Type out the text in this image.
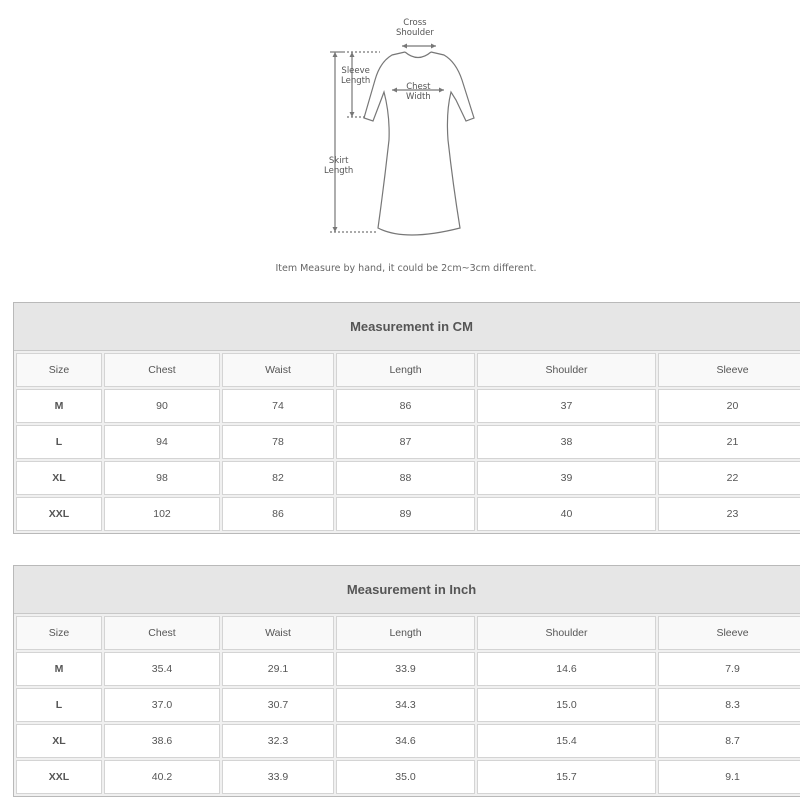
Cross
Shoulder
Sleeve
Length
Chest
Width
Skirt
Length
Item Measure by hand, it could be 2cm~3cm different.
Measurement in CM
Size	Chest	Waist	Length	Shoulder	Sleeve
M	90	74	86	37	20
L	94	78	87	38	21
XL	98	82	88	39	22
XXL	102	86	89	40	23
Measurement in Inch
Size	Chest	Waist	Length	Shoulder	Sleeve
M	35.4	29.1	33.9	14.6	7.9
L	37.0	30.7	34.3	15.0	8.3
XL	38.6	32.3	34.6	15.4	8.7
XXL	40.2	33.9	35.0	15.7	9.1
